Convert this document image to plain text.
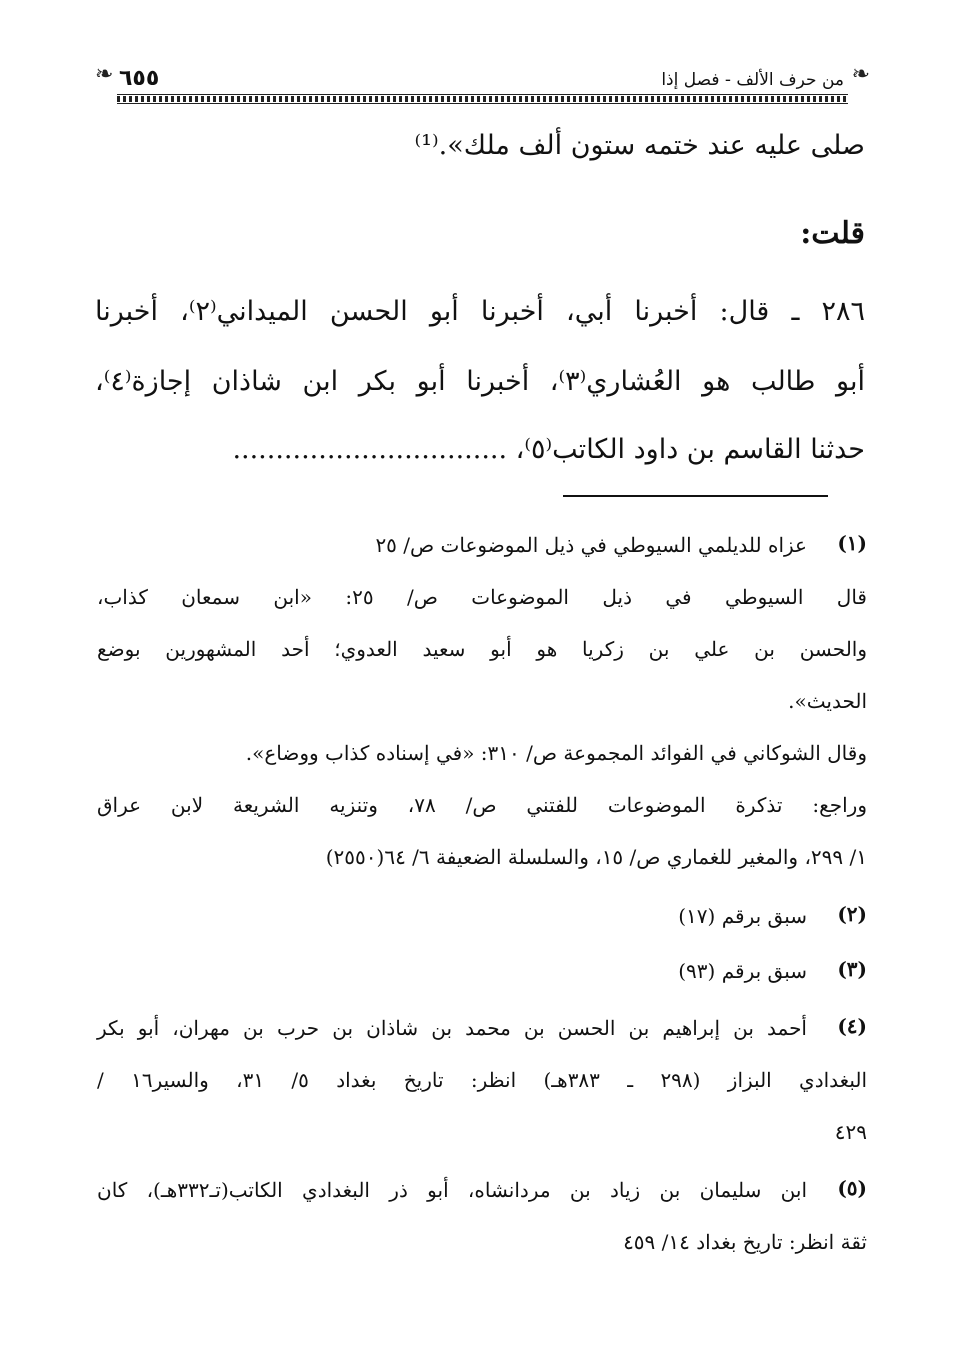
❧
❧	من حرف الألف - فصل إذا
٦٥٥
صلى عليه عند ختمه ستون ألف ملك».⁽¹⁾
قلت:
٢٨٦ ـ قال: أخبرنا أبي، أخبرنا أبو الحسن الميداني⁽٢⁾، أخبرنا
أبو طالب هو العُشاري⁽٣⁾، أخبرنا أبو بكر ابن شاذان إجازة⁽٤⁾،
حدثنا القاسم بن داود الكاتب⁽٥⁾، ................................
(١)
عزاه للديلمي السيوطي في ذيل الموضوعات ص/ ٢٥
قال السيوطي في ذيل الموضوعات ص/ ٢٥: «ابن سمعان كذاب،
والحسن بن علي بن زكريا هو أبو سعيد العدوي؛ أحد المشهورين بوضع
الحديث».
وقال الشوكاني في الفوائد المجموعة ص/ ٣١٠: «في إسناده كذاب ووضاع».
وراجع: تذكرة الموضوعات للفتني ص/ ٧٨، وتنزيه الشريعة لابن عراق
١/ ٢٩٩، والمغير للغماري ص/ ١٥، والسلسلة الضعيفة ٦/ ٦٤(٢٥٥٠)
(٢)
سبق برقم (١٧)
(٣)
سبق برقم (٩٣)
(٤)
أحمد بن إبراهيم بن الحسن بن محمد بن شاذان بن حرب بن مهران، أبو بكر
البغدادي البزاز (٢٩٨ ـ ٣٨٣هـ) انظر: تاريخ بغداد ٥/ ٣١، والسير١٦ /
٤٢٩
(٥)
ابن سليمان بن زياد بن مردانشاه، أبو ذر البغدادي الكاتب(تـ٣٣٢هـ)، كان
ثقة انظر: تاريخ بغداد ١٤/ ٤٥٩
